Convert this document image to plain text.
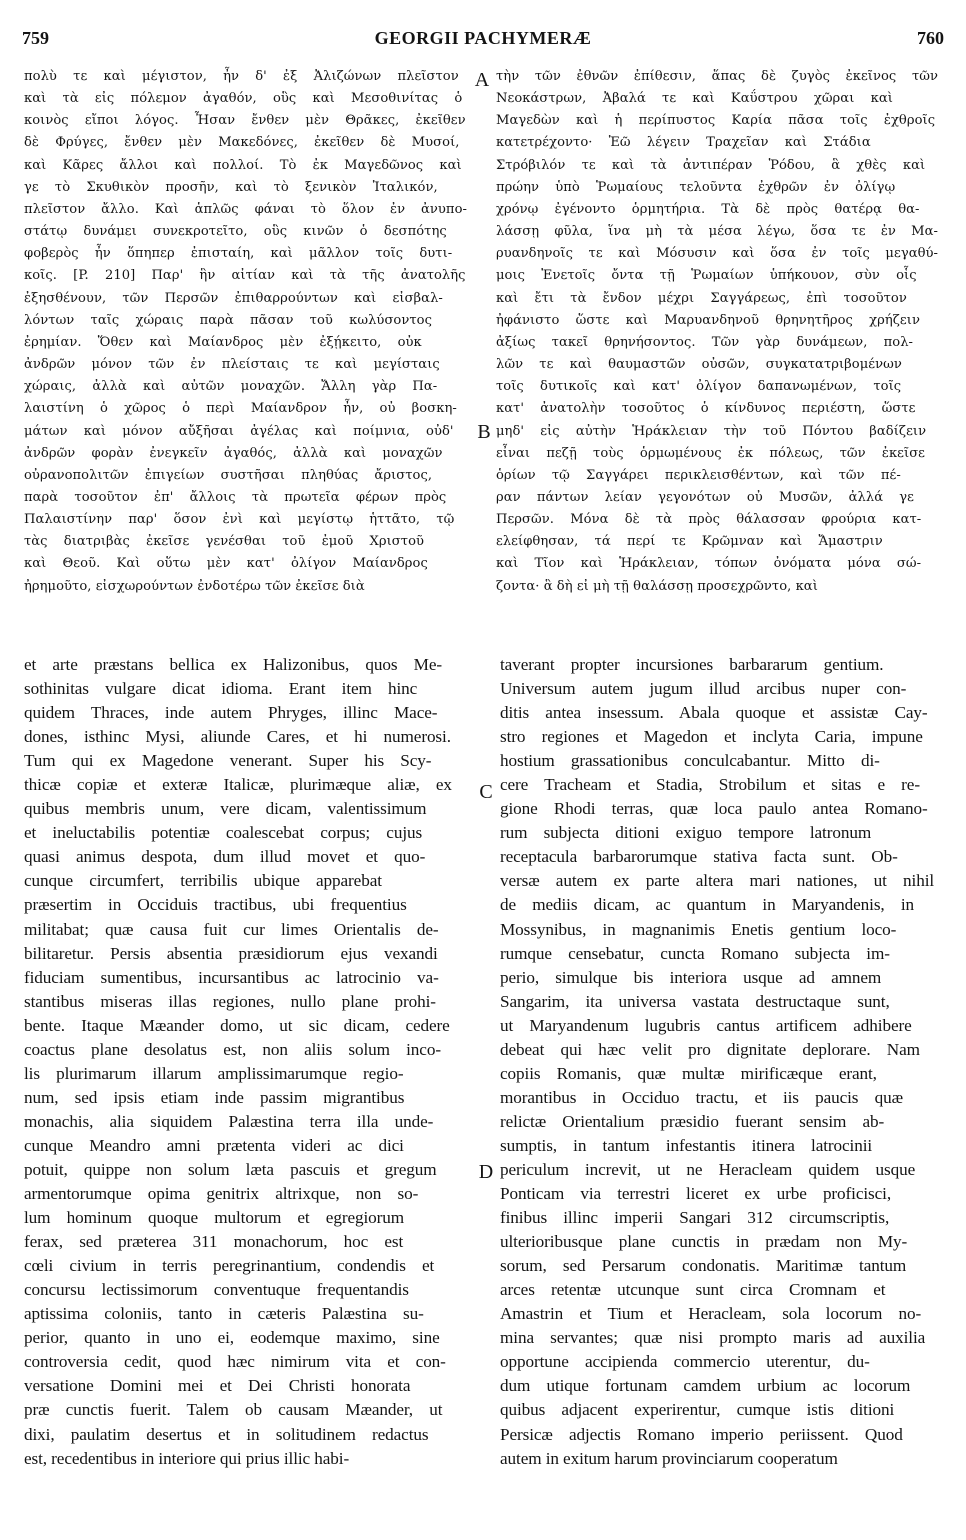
759	GEORGII PACHYMERÆ	760
πολὺ τε καὶ μέγιστον, ἦν δ' ἐξ Ἀλιζώνων πλεῖστον
καὶ τὰ εἰς πόλεμον ἀγαθόν, οὓς καὶ Μεσοθινίτας ὁ
κοινὸς εἴποι λόγος. Ἦσαν ἔνθεν μὲν Θρᾶκες, ἐκεῖθεν
δὲ Φρύγες, ἔνθεν μὲν Μακεδόνες, ἐκεῖθεν δὲ Μυσοί,
καὶ Κᾶρες ἄλλοι καὶ πολλοί. Τὸ ἐκ Μαγεδῶνος καὶ
γε τὸ Σκυθικὸν προσῆν, καὶ τὸ ξενικὸν Ἰταλικόν,
πλεῖστον ἄλλο. Καὶ ἁπλῶς φάναι τὸ ὅλον ἐν ἀνυπο-
στάτῳ δυνάμει συνεκροτεῖτο, οὓς κινῶν ὁ δεσπότης
φοβερὸς ἦν ὅπηπερ ἐπισταίη, καὶ μᾶλλον τοῖς δυτι-
κοῖς. [P. 210] Παρ' ἣν αἰτίαν καὶ τὰ τῆς ἀνατολῆς
ἐξησθένουν, τῶν Περσῶν ἐπιθαρρούντων καὶ εἰσβαλ-
λόντων ταῖς χώραις παρὰ πᾶσαν τοῦ κωλύσοντος
ἐρημίαν. Ὅθεν καὶ Μαίανδρος μὲν ἐξῄκειτο, οὐκ
ἀνδρῶν μόνον τῶν ἐν πλείσταις τε καὶ μεγίσταις
χώραις, ἀλλὰ καὶ αὐτῶν μοναχῶν. Ἄλλη γὰρ Πα-
λαιστίνη ὁ χῶρος ὁ περὶ Μαίανδρον ἦν, οὐ βοσκη-
μάτων καὶ μόνον αὔξῆσαι ἀγέλας καὶ ποίμνια, οὐδ'
ἀνδρῶν φορὰν ἐνεγκεῖν ἀγαθός, ἀλλὰ καὶ μοναχῶν
οὐρανοπολιτῶν ἐπιγείων συστῆσαι πληθύας ἄριστος,
παρὰ τοσοῦτον ἐπ' ἄλλοις τὰ πρωτεῖα φέρων πρὸς
Παλαιστίνην παρ' ὅσον ἐνὶ καὶ μεγίστῳ ἡττᾶτο, τῷ
τὰς διατριβὰς ἐκεῖσε γενέσθαι τοῦ ἐμοῦ Χριστοῦ
καὶ Θεοῦ. Καὶ οὕτω μὲν κατ' ὀλίγον Μαίανδρος
ἠρημοῦτο, εἰσχωρούντων ἐνδοτέρω τῶν ἐκεῖσε διὰ
τὴν τῶν ἐθνῶν ἐπίθεσιν, ἅπας δὲ ζυγὸς ἐκεῖνος τῶν
Νεοκάστρων, Ἀβαλά τε καὶ Καΰστρου χῶραι καὶ
Μαγεδὼν καὶ ἡ περίπυστος Καρία πᾶσα τοῖς ἐχθροῖς
κατετρέχοντο· Ἐῶ λέγειν Τραχεῖαν καὶ Στάδια
Στρόβιλόν τε καὶ τὰ ἀντιπέραν Ῥόδου, ἃ χθὲς καὶ
πρώην ὑπὸ Ῥωμαίους τελοῦντα ἐχθρῶν ἐν ὀλίγῳ
χρόνῳ ἐγένοντο ὁρμητήρια. Τὰ δὲ πρὸς θατέρᾳ θα-
λάσσῃ φῦλα, ἵνα μὴ τὰ μέσα λέγω, ὅσα τε ἐν Μα-
ρυανδηνοῖς τε καὶ Μόσυσιν καὶ ὅσα ἐν τοῖς μεγαθύ-
μοις Ἐνετοῖς ὄντα τῇ Ῥωμαίων ὑπήκουον, σὺν οἷς
καὶ ἔτι τὰ ἔνδον μέχρι Σαγγάρεως, ἐπὶ τοσοῦτον
ἠφάνιστο ὥστε καὶ Μαρυανδηνοῦ θρηνητῆρος χρήζειν
ἀξίως τακεῖ θρηνήσοντος. Τῶν γὰρ δυνάμεων, πολ-
λῶν τε καὶ θαυμαστῶν οὐσῶν, συγκατατριβομένων
τοῖς δυτικοῖς καὶ κατ' ὀλίγον δαπανωμένων, τοῖς
κατ' ἀνατολὴν τοσοῦτος ὁ κίνδυνος περιέστη, ὥστε
μηδ' εἰς αὐτὴν Ἡράκλειαν τὴν τοῦ Πόντου βαδίζειν
εἶναι πεζῇ τοὺς ὁρμωμένους ἐκ πόλεως, τῶν ἐκεῖσε
ὁρίων τῷ Σαγγάρει περικλεισθέντων, καὶ τῶν πέ-
ραν πάντων λείαν γεγονότων οὐ Μυσῶν, ἀλλά γε
Περσῶν. Μόνα δὲ τὰ πρὸς θάλασσαν φρούρια κατ-
ελείφθησαν, τά περί τε Κρῶμναν καὶ Ἄμαστριν
καὶ Τῖον καὶ Ἡράκλειαν, τόπων ὀνόματα μόνα σώ-
ζοντα· ἃ δὴ εἰ μὴ τῇ θαλάσσῃ προσεχρῶντο, καὶ
et arte præstans bellica ex Halizonibus, quos Me-
sothinitas vulgare dicat idioma. Erant item hinc
quidem Thraces, inde autem Phryges, illinc Mace-
dones, isthinc Mysi, aliunde Cares, et hi numerosi.
Tum qui ex Magedone venerant. Super his Scy-
thicæ copiæ et exteræ Italicæ, plurimæque aliæ, ex
quibus membris unum, vere dicam, valentissimum
et ineluctabilis potentiæ coalescebat corpus; cujus
quasi animus despota, dum illud movet et quo-
cunque circumfert, terribilis ubique apparebat
præsertim in Occiduis tractibus, ubi frequentius
militabat; quæ causa fuit cur limes Orientalis de-
bilitaretur. Persis absentia præsidiorum ejus vexandi
fiduciam sumentibus, incursantibus ac latrocinio va-
stantibus miseras illas regiones, nullo plane prohi-
bente. Itaque Mæander domo, ut sic dicam, cedere
coactus plane desolatus est, non aliis solum inco-
lis plurimarum illarum amplissimarumque regio-
num, sed ipsis etiam inde passim migrantibus
monachis, alia siquidem Palæstina terra illa unde-
cunque Meandro amni prætenta videri ac dici
potuit, quippe non solum læta pascuis et gregum
armentorumque opima genitrix altrixque, non so-
lum hominum quoque multorum et egregiorum
ferax, sed præterea 311 monachorum, hoc est
cœli civium in terris peregrinantium, condendis et
concursu lectissimorum conventuque frequentandis
aptissima coloniis, tanto in cæteris Palæstina su-
perior, quanto in uno ei, eodemque maximo, sine
controversia cedit, quod hæc nimirum vita et con-
versatione Domini mei et Dei Christi honorata
præ cunctis fuerit. Talem ob causam Mæander, ut
dixi, paulatim desertus et in solitudinem redactus
est, recedentibus in interiore qui prius illic habi-
taverant propter incursiones barbararum gentium.
Universum autem jugum illud arcibus nuper con-
ditis antea insessum. Abala quoque et assistæ Cay-
stro regiones et Magedon et inclyta Caria, impune
hostium grassationibus conculcabantur. Mitto di-
cere Tracheam et Stadia, Strobilum et sitas e re-
gione Rhodi terras, quæ loca paulo antea Romano-
rum subjecta ditioni exiguo tempore latronum
receptacula barbarorumque stativa facta sunt. Ob-
versæ autem ex parte altera mari nationes, ut nihil
de mediis dicam, ac quantum in Maryandenis, in
Mossynibus, in magnanimis Enetis gentium loco-
rumque censebatur, cuncta Romano subjecta im-
perio, simulque bis interiora usque ad amnem
Sangarim, ita universa vastata destructaque sunt,
ut Maryandenum lugubris cantus artificem adhibere
debeat qui hæc velit pro dignitate deplorare. Nam
copiis Romanis, quæ multæ mirificæque erant,
morantibus in Occiduo tractu, et iis paucis quæ
relictæ Orientalium præsidio fuerant sensim ab-
sumptis, in tantum infestantis itinera latrocinii
periculum increvit, ut ne Heracleam quidem usque
Ponticam via terrestri liceret ex urbe proficisci,
finibus illinc imperii Sangari 312 circumscriptis,
ulterioribusque plane cunctis in prædam non My-
sorum, sed Persarum condonatis. Maritimæ tantum
arces retentæ utcunque sunt circa Cromnam et
Amastrin et Tium et Heracleam, sola locorum no-
mina servantes; quæ nisi prompto maris ad auxilia
opportune accipienda commercio uterentur, du-
dum utique fortunam camdem urbium ac locorum
quibus adjacent experirentur, cumque istis ditioni
Persicæ adjectis Romano imperio periissent. Quod
autem in exitum harum provinciarum cooperatum
A
B
C
D
